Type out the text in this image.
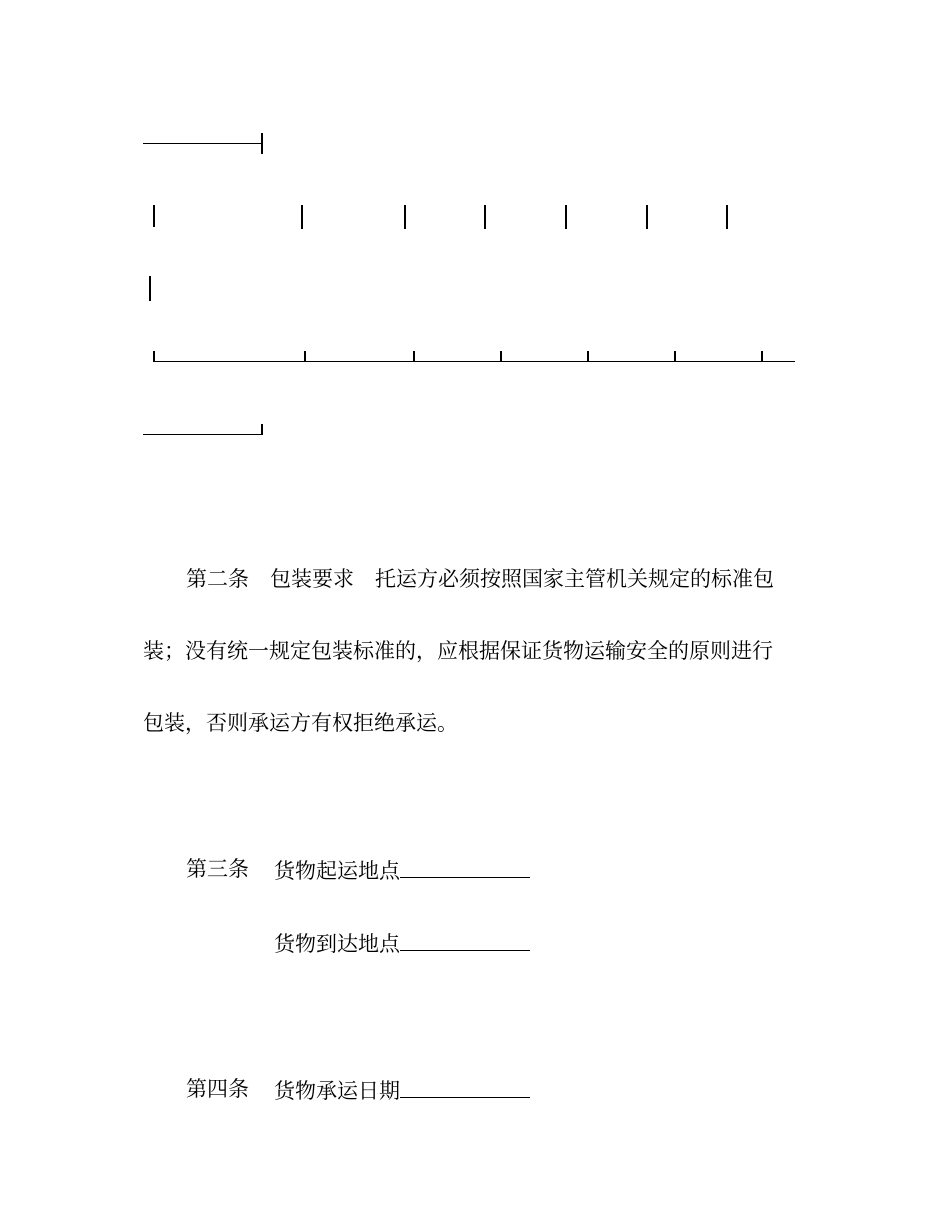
第二条　包装要求　托运方必须按照国家主管机关规定的标准包
装；没有统一规定包装标准的，应根据保证货物运输安全的原则进行
包装，否则承运方有权拒绝承运。
第三条 货物起运地点
货物到达地点
第四条 货物承运日期
